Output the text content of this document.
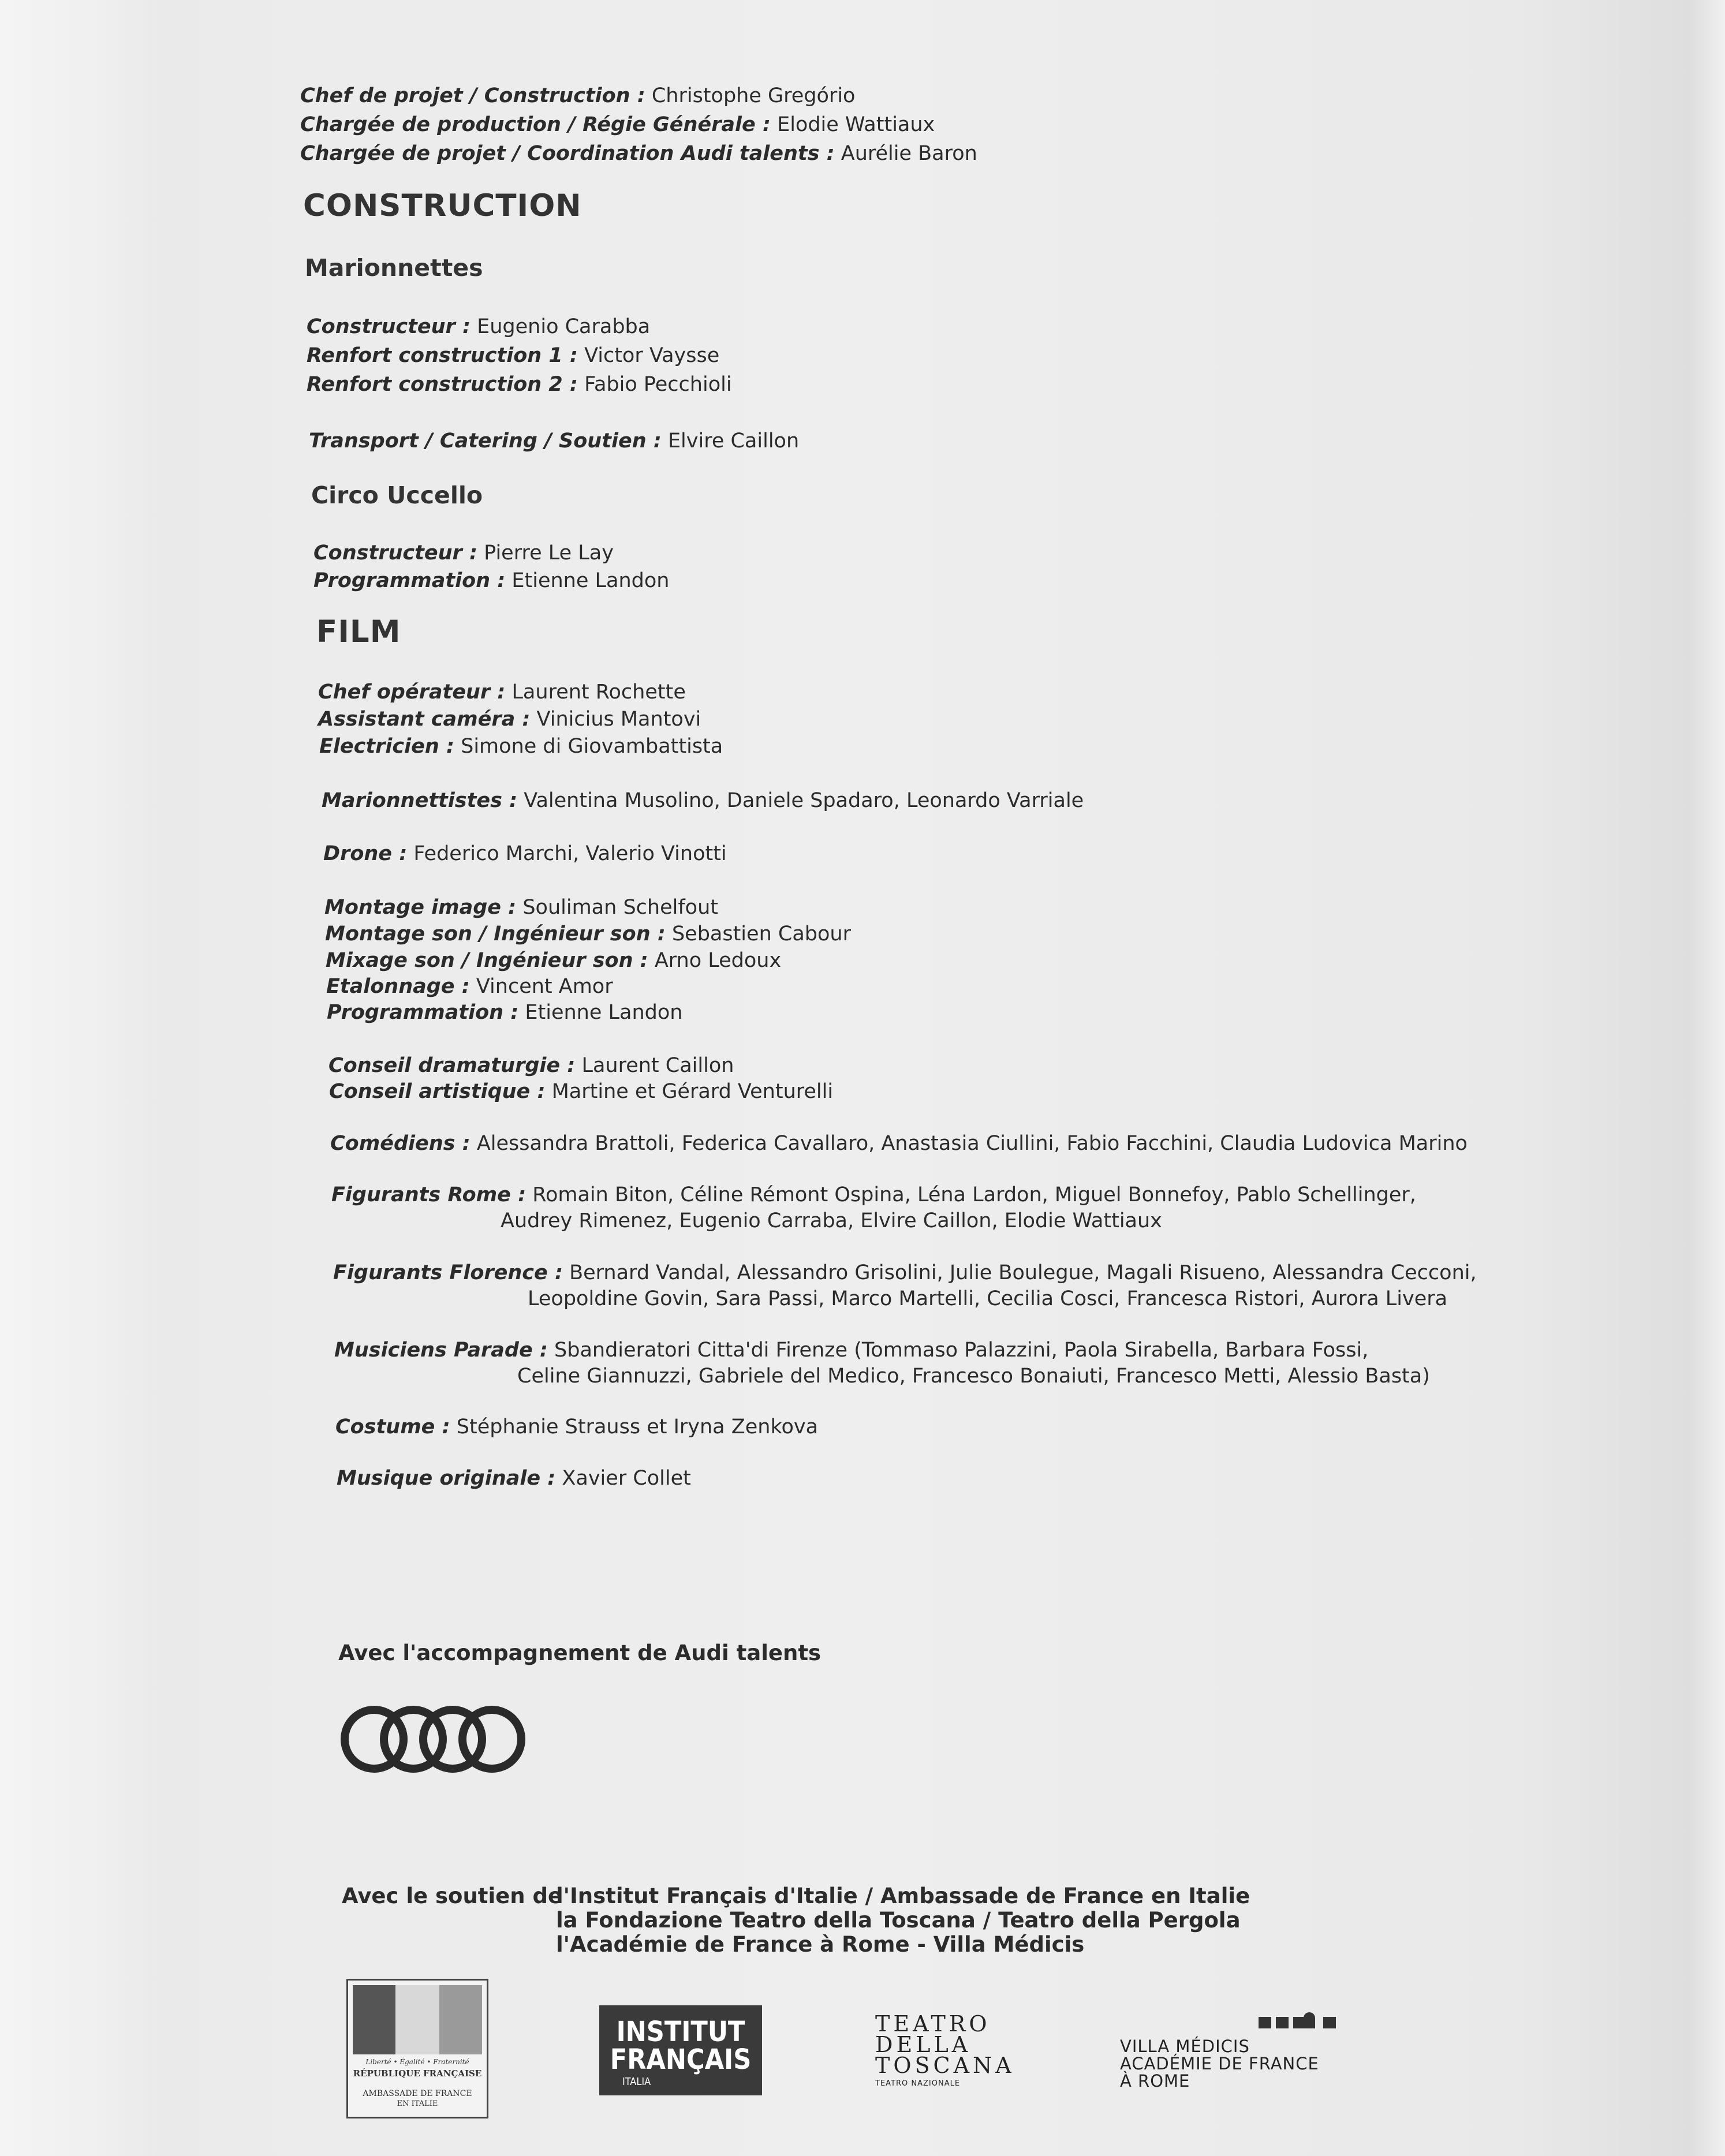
Chef de projet / Construction : Christophe Gregório
Chargée de production / Régie Générale : Elodie Wattiaux
Chargée de projet / Coordination Audi talents : Aurélie Baron
CONSTRUCTION
Marionnettes
Constructeur : Eugenio Carabba
Renfort construction 1 : Victor Vaysse
Renfort construction 2 : Fabio Pecchioli
Transport / Catering / Soutien : Elvire Caillon
Circo Uccello
Constructeur : Pierre Le Lay
Programmation : Etienne Landon
FILM
Chef opérateur : Laurent Rochette
Assistant caméra : Vinicius Mantovi
Electricien : Simone di Giovambattista
Marionnettistes : Valentina Musolino, Daniele Spadaro, Leonardo Varriale
Drone : Federico Marchi, Valerio Vinotti
Montage image : Souliman Schelfout
Montage son / Ingénieur son : Sebastien Cabour
Mixage son / Ingénieur son : Arno Ledoux
Etalonnage : Vincent Amor
Programmation : Etienne Landon
Conseil dramaturgie : Laurent Caillon
Conseil artistique : Martine et Gérard Venturelli
Comédiens : Alessandra Brattoli, Federica Cavallaro, Anastasia Ciullini, Fabio Facchini, Claudia Ludovica Marino
Figurants Rome : Romain Biton, Céline Rémont Ospina, Léna Lardon, Miguel Bonnefoy, Pablo Schellinger,
Audrey Rimenez, Eugenio Carraba, Elvire Caillon, Elodie Wattiaux
Figurants Florence : Bernard Vandal, Alessandro Grisolini, Julie Boulegue, Magali Risueno, Alessandra Cecconi,
Leopoldine Govin, Sara Passi, Marco Martelli, Cecilia Cosci, Francesca Ristori, Aurora Livera
Musiciens Parade : Sbandieratori Citta'di Firenze (Tommaso Palazzini, Paola Sirabella, Barbara Fossi,
Celine Giannuzzi, Gabriele del Medico, Francesco Bonaiuti, Francesco Metti, Alessio Basta)
Costume : Stéphanie Strauss et Iryna Zenkova
Musique originale : Xavier Collet
Avec l'accompagnement de Audi talents
Avec le soutien de :
l'Institut Français d'Italie / Ambassade de France en Italie
la Fondazione Teatro della Toscana / Teatro della Pergola
l'Académie de France à Rome - Villa Médicis
Liberté • Égalité • Fraternité
RÉPUBLIQUE FRANÇAISE
AMBASSADE DE FRANCE
EN ITALIE
INSTITUT
FRANÇAIS
ITALIA
TEATRO
DELLA
TOSCANA
TEATRO NAZIONALE
VILLA MÉDICIS
ACADÉMIE DE FRANCE
À ROME
